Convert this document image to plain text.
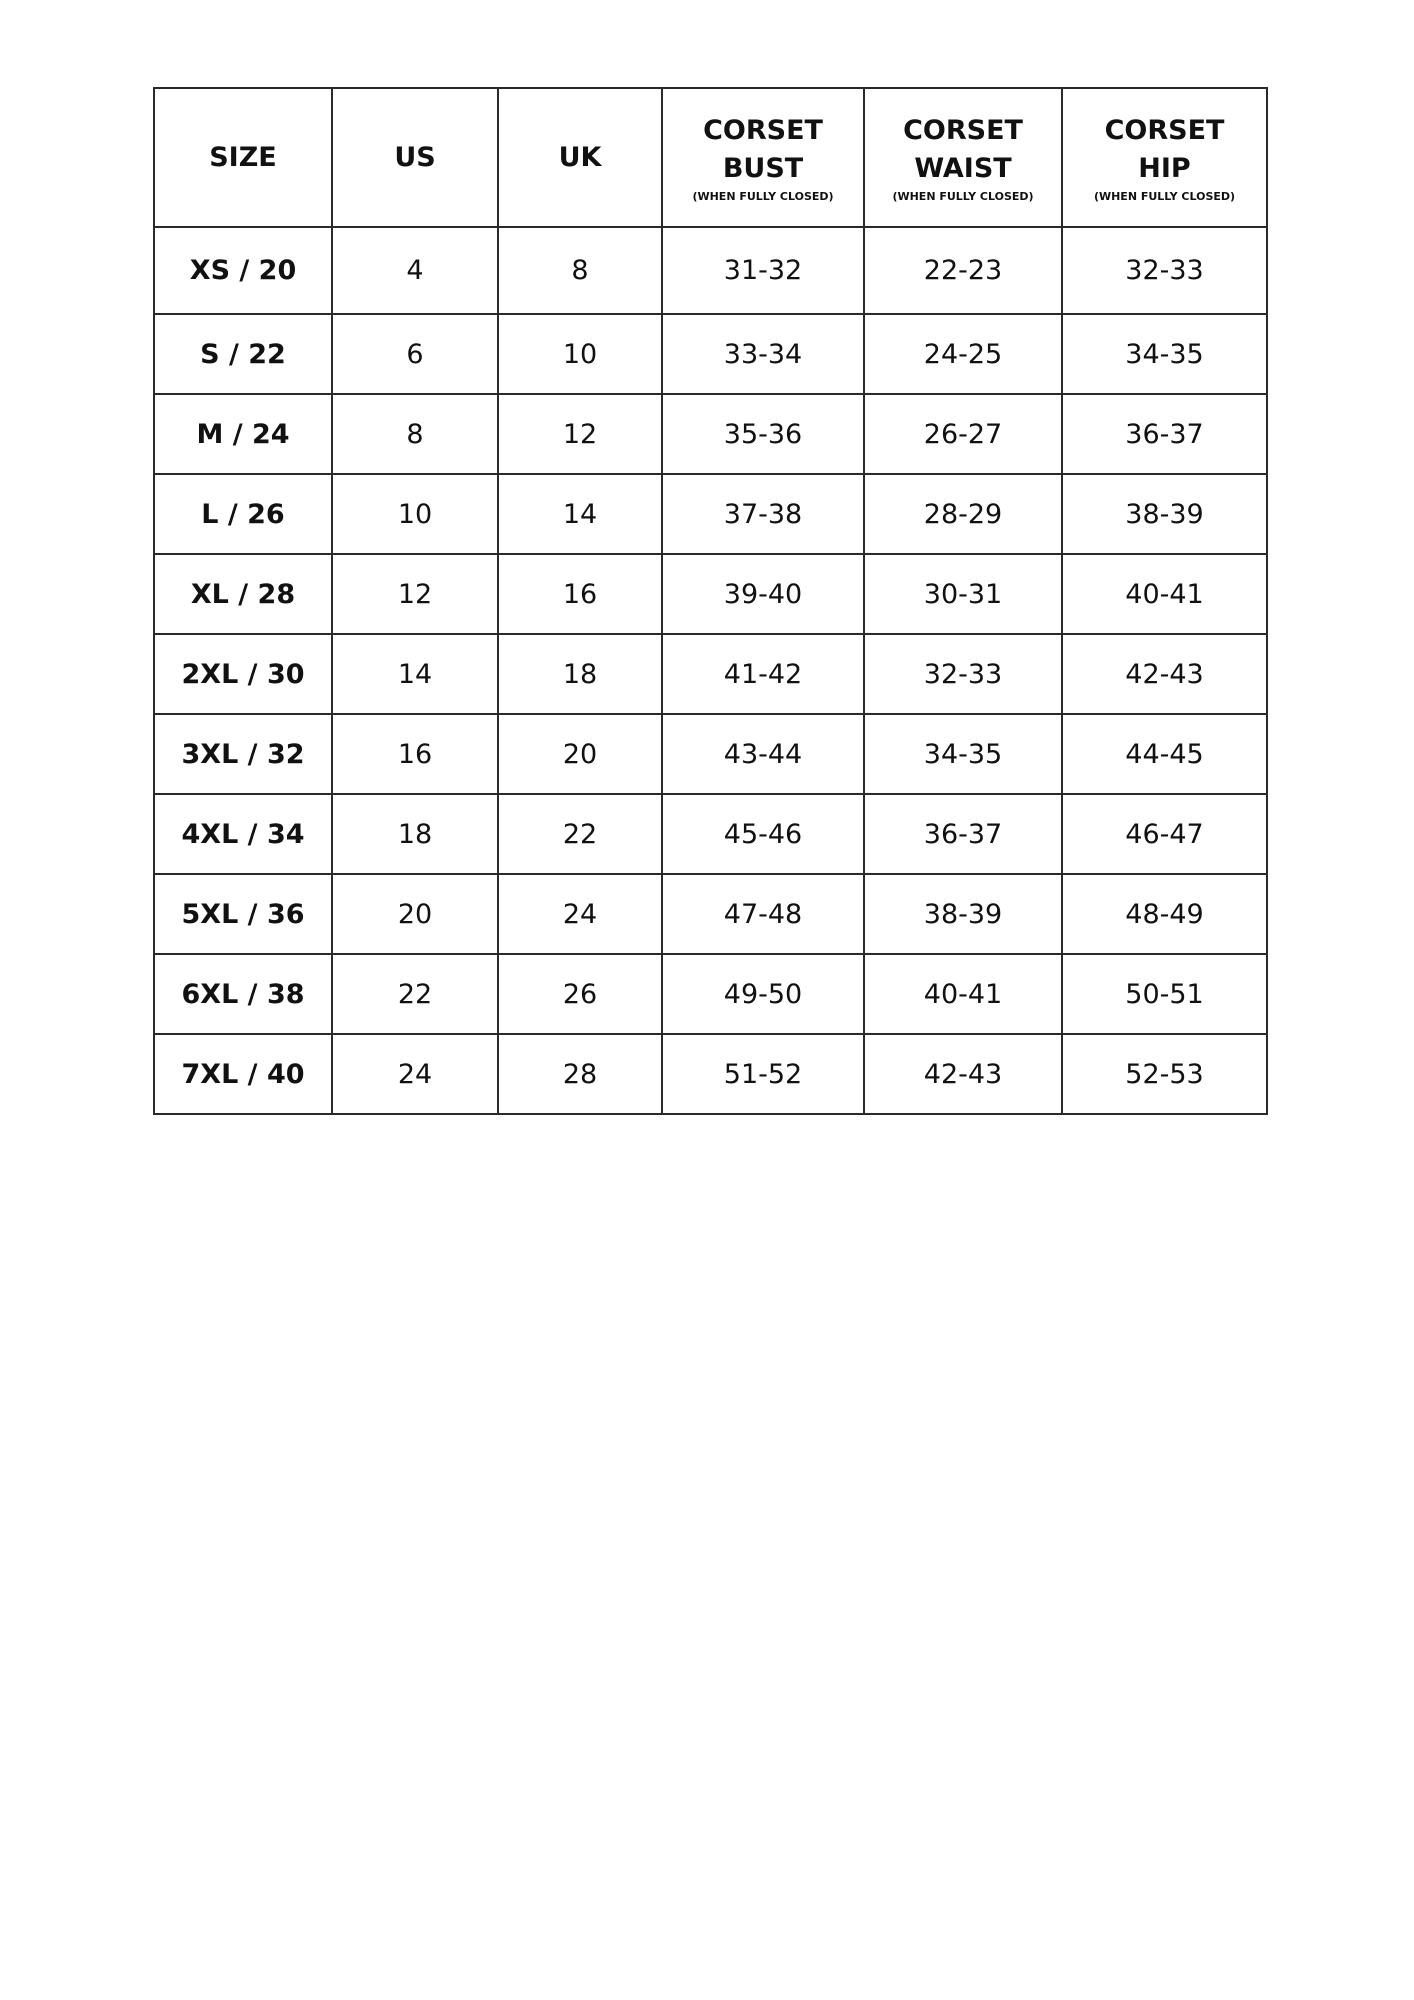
SIZE	US	UK	CORSET
BUST
(WHEN FULLY CLOSED)	CORSET
WAIST
(WHEN FULLY CLOSED)	CORSET
HIP
(WHEN FULLY CLOSED)

XS / 20	4	8	31-32	22-23	32-33
S / 22	6	10	33-34	24-25	34-35
M / 24	8	12	35-36	26-27	36-37
L / 26	10	14	37-38	28-29	38-39
XL / 28	12	16	39-40	30-31	40-41
2XL / 30	14	18	41-42	32-33	42-43
3XL / 32	16	20	43-44	34-35	44-45
4XL / 34	18	22	45-46	36-37	46-47
5XL / 36	20	24	47-48	38-39	48-49
6XL / 38	22	26	49-50	40-41	50-51
7XL / 40	24	28	51-52	42-43	52-53
